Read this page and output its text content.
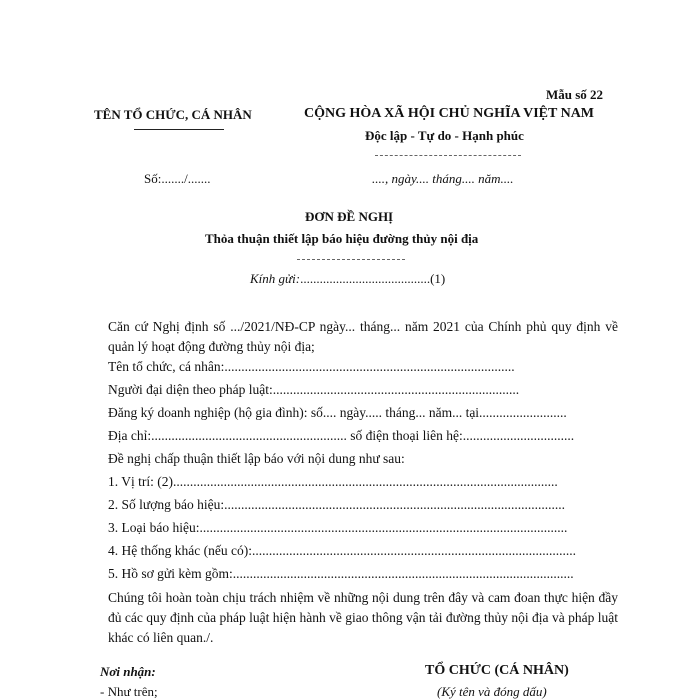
Mẫu số 22
TÊN TỔ CHỨC, CÁ NHÂN	CỘNG HÒA XÃ HỘI CHỦ NGHĨA VIỆT NAM
Độc lập - Tự do - Hạnh phúc
Số:......./.......	...., ngày.... tháng.... năm....
ĐƠN ĐỀ NGHỊ
Thỏa thuận thiết lập báo hiệu đường thủy nội địa
Kính gửi:........................................(1)
Căn cứ Nghị định số .../2021/NĐ-CP ngày... tháng... năm 2021 của Chính phủ quy định về quản lý hoạt động đường thủy nội địa;
Tên tổ chức, cá nhân:......................................................................................
Người đại diện theo pháp luật:.........................................................................
Đăng ký doanh nghiệp (hộ gia đình): số.... ngày..... tháng... năm... tại..........................
Địa chỉ:.......................................................... số điện thoại liên hệ:.................................
Đề nghị chấp thuận thiết lập báo với nội dung như sau:
1. Vị trí: (2)..................................................................................................................
2. Số lượng báo hiệu:.....................................................................................................
3. Loại báo hiệu:.............................................................................................................
4. Hệ thống khác (nếu có):................................................................................................
5. Hồ sơ gửi kèm gồm:.....................................................................................................
Chúng tôi hoàn toàn chịu trách nhiệm về những nội dung trên đây và cam đoan thực hiện đầy đủ các quy định của pháp luật hiện hành về giao thông vận tải đường thủy nội địa và pháp luật khác có liên quan./.
Nơi nhận:
- Như trên;
TỔ CHỨC (CÁ NHÂN)
(Ký tên và đóng dấu)
